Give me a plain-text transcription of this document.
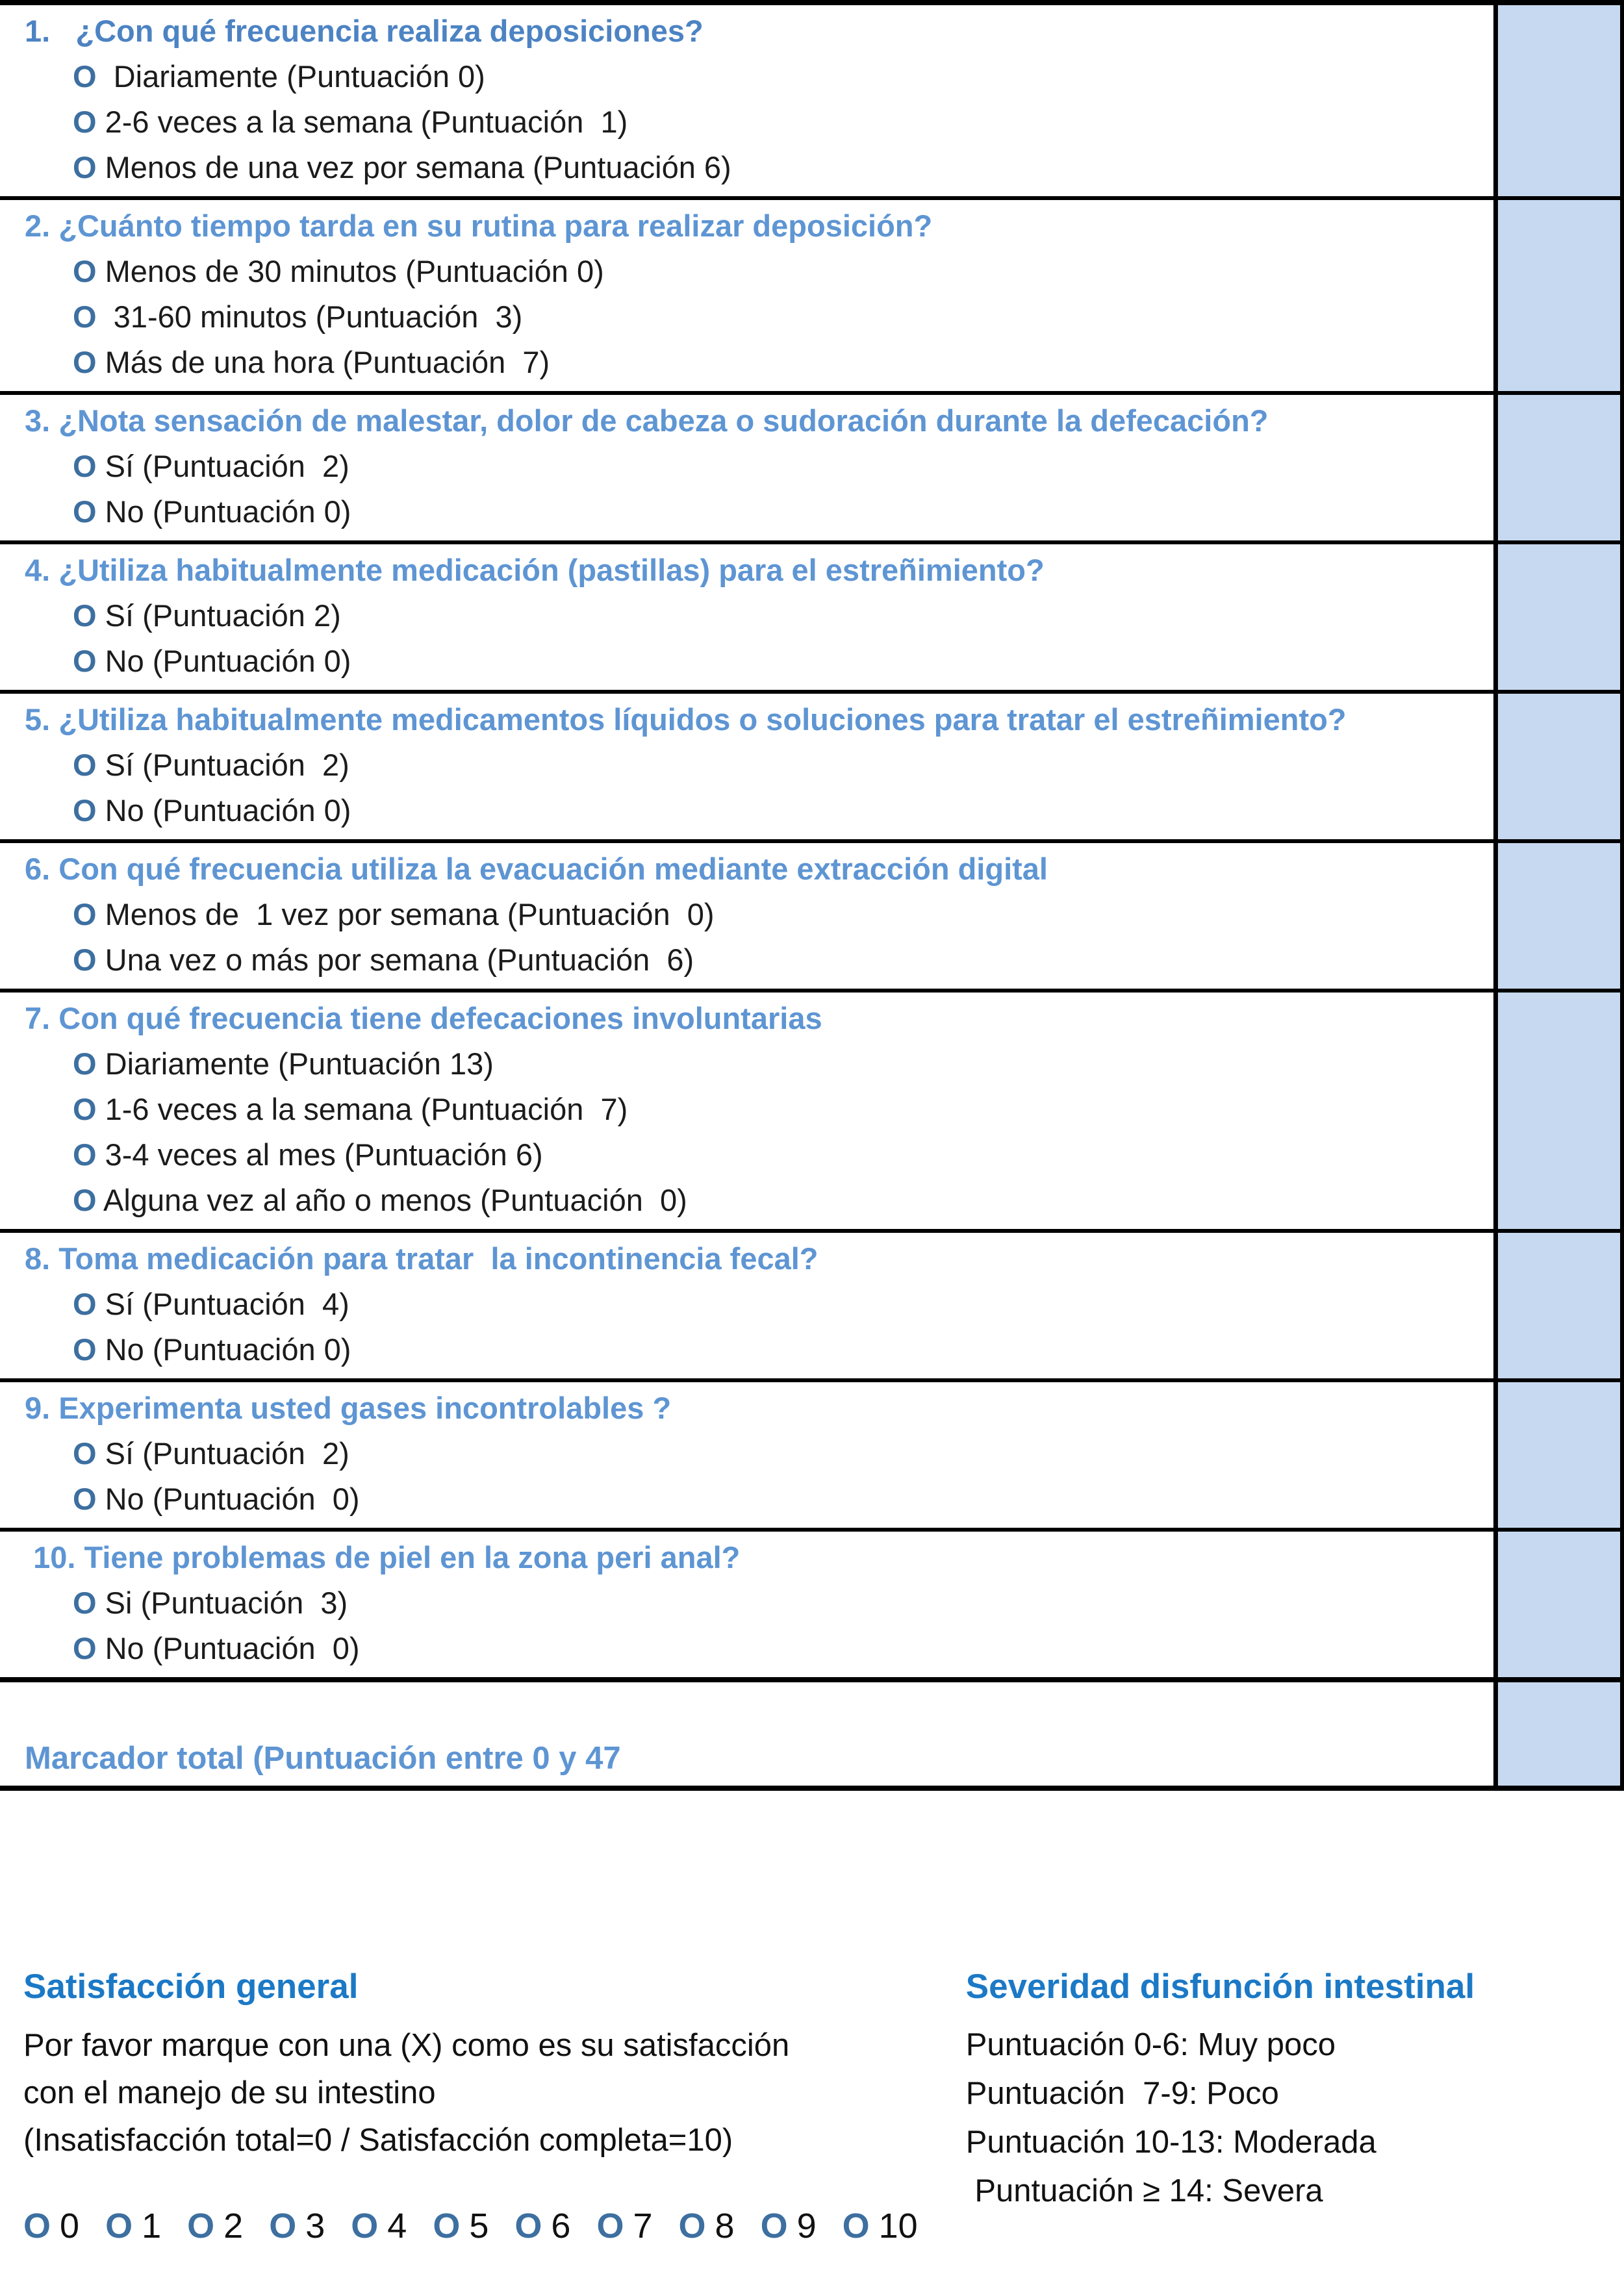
1.   ¿Con qué frecuencia realiza deposiciones?
O  Diariamente (Puntuación 0)
O 2-6 veces a la semana (Puntuación  1)
O Menos de una vez por semana (Puntuación 6)
2. ¿Cuánto tiempo tarda en su rutina para realizar deposición?
O Menos de 30 minutos (Puntuación 0)
O  31-60 minutos (Puntuación  3)
O Más de una hora (Puntuación  7)
3. ¿Nota sensación de malestar, dolor de cabeza o sudoración durante la defecación?
O Sí (Puntuación  2)
O No (Puntuación 0)
4. ¿Utiliza habitualmente medicación (pastillas) para el estreñimiento?
O Sí (Puntuación 2)
O No (Puntuación 0)
5. ¿Utiliza habitualmente medicamentos líquidos o soluciones para tratar el estreñimiento?
O Sí (Puntuación  2)
O No (Puntuación 0)
6. Con qué frecuencia utiliza la evacuación mediante extracción digital
O Menos de  1 vez por semana (Puntuación  0)
O Una vez o más por semana (Puntuación  6)
7. Con qué frecuencia tiene defecaciones involuntarias
O Diariamente (Puntuación 13)
O 1-6 veces a la semana (Puntuación  7)
O 3-4 veces al mes (Puntuación 6)
O Alguna vez al año o menos (Puntuación  0)
8. Toma medicación para tratar  la incontinencia fecal?
O Sí (Puntuación  4)
O No (Puntuación 0)
9. Experimenta usted gases incontrolables ?
O Sí (Puntuación  2)
O No (Puntuación  0)
10. Tiene problemas de piel en la zona peri anal?
O Si (Puntuación  3)
O No (Puntuación  0)
Marcador total (Puntuación entre 0 y 47
Satisfacción general
Por favor marque con una (X) como es su satisfacción
con el manejo de su intestino
(Insatisfacción total=0 / Satisfacción completa=10)
O 0 O 1 O 2 O 3 O 4 O 5 O 6 O 7 O 8 O 9 O 10
Severidad disfunción intestinal
Puntuación 0-6: Muy poco
Puntuación  7-9: Poco
Puntuación 10-13: Moderada
Puntuación ≥ 14: Severa
